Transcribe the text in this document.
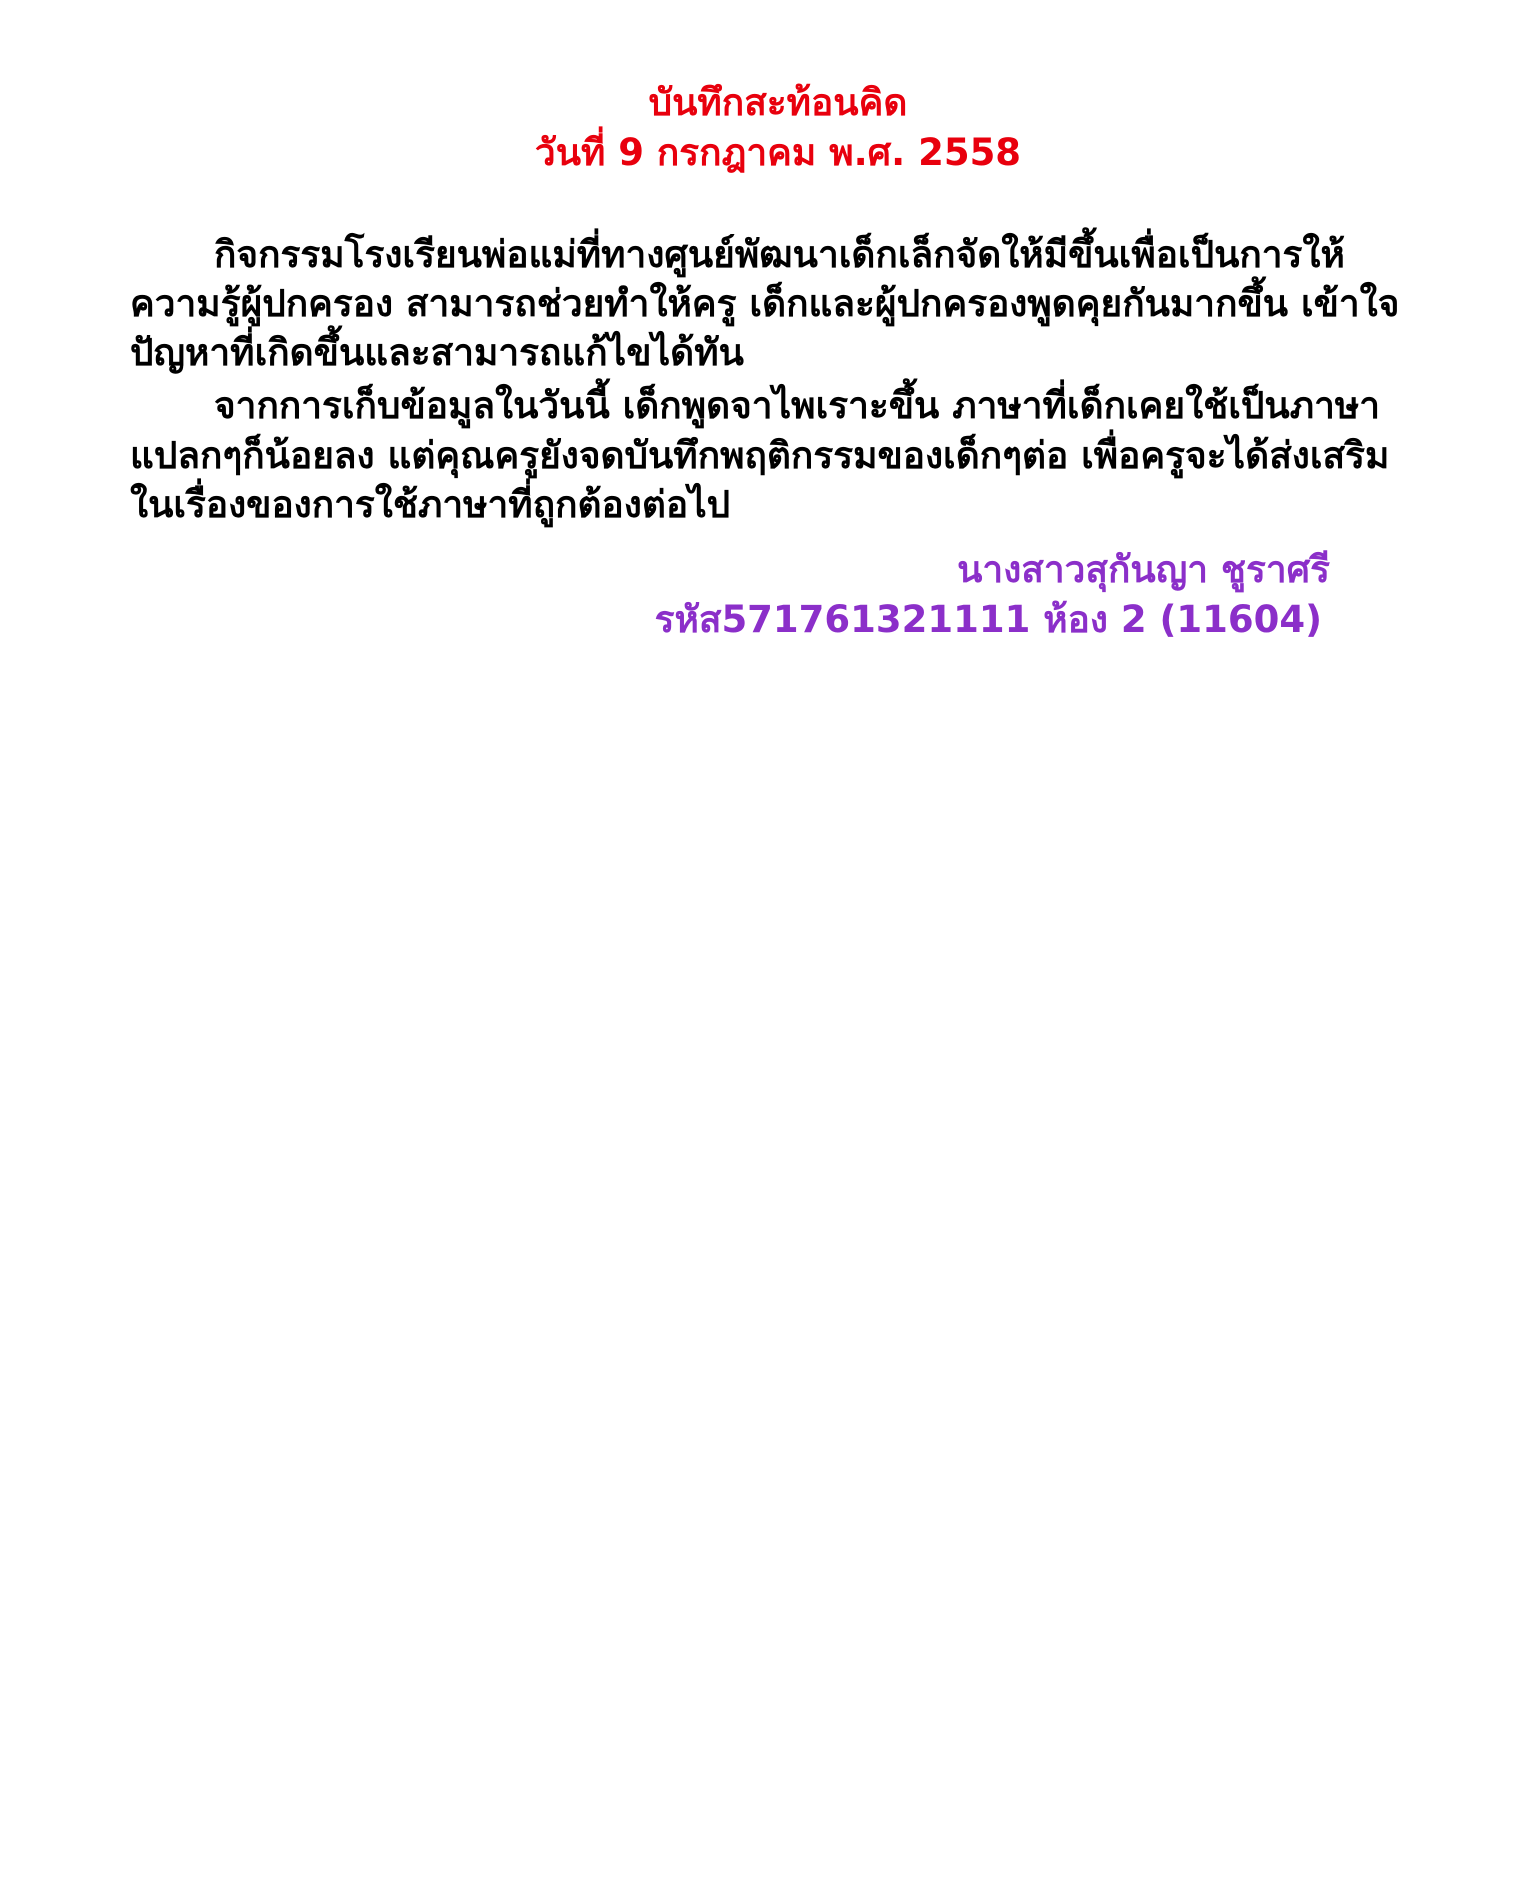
บันทึกสะท้อนคิด
วันที่ 9 กรกฎาคม พ.ศ. 2558

กิจกรรมโรงเรียนพ่อแม่ที่ทางศูนย์พัฒนาเด็กเล็กจัดให้มีขึ้นเพื่อเป็นการให้ความรู้ผู้ปกครอง สามารถช่วยทำให้ครู เด็กและผู้ปกครองพูดคุยกันมากขึ้น เข้าใจปัญหาที่เกิดขึ้นและสามารถแก้ไขได้ทัน

จากการเก็บข้อมูลในวันนี้ เด็กพูดจาไพเราะขึ้น ภาษาที่เด็กเคยใช้เป็นภาษาแปลกๆก็น้อยลง แต่คุณครูยังจดบันทึกพฤติกรรมของเด็กๆต่อ เพื่อครูจะได้ส่งเสริมในเรื่องของการใช้ภาษาที่ถูกต้องต่อไป

นางสาวสุกันญา ชูราศรี
รหัส571761321111 ห้อง 2 (11604)
